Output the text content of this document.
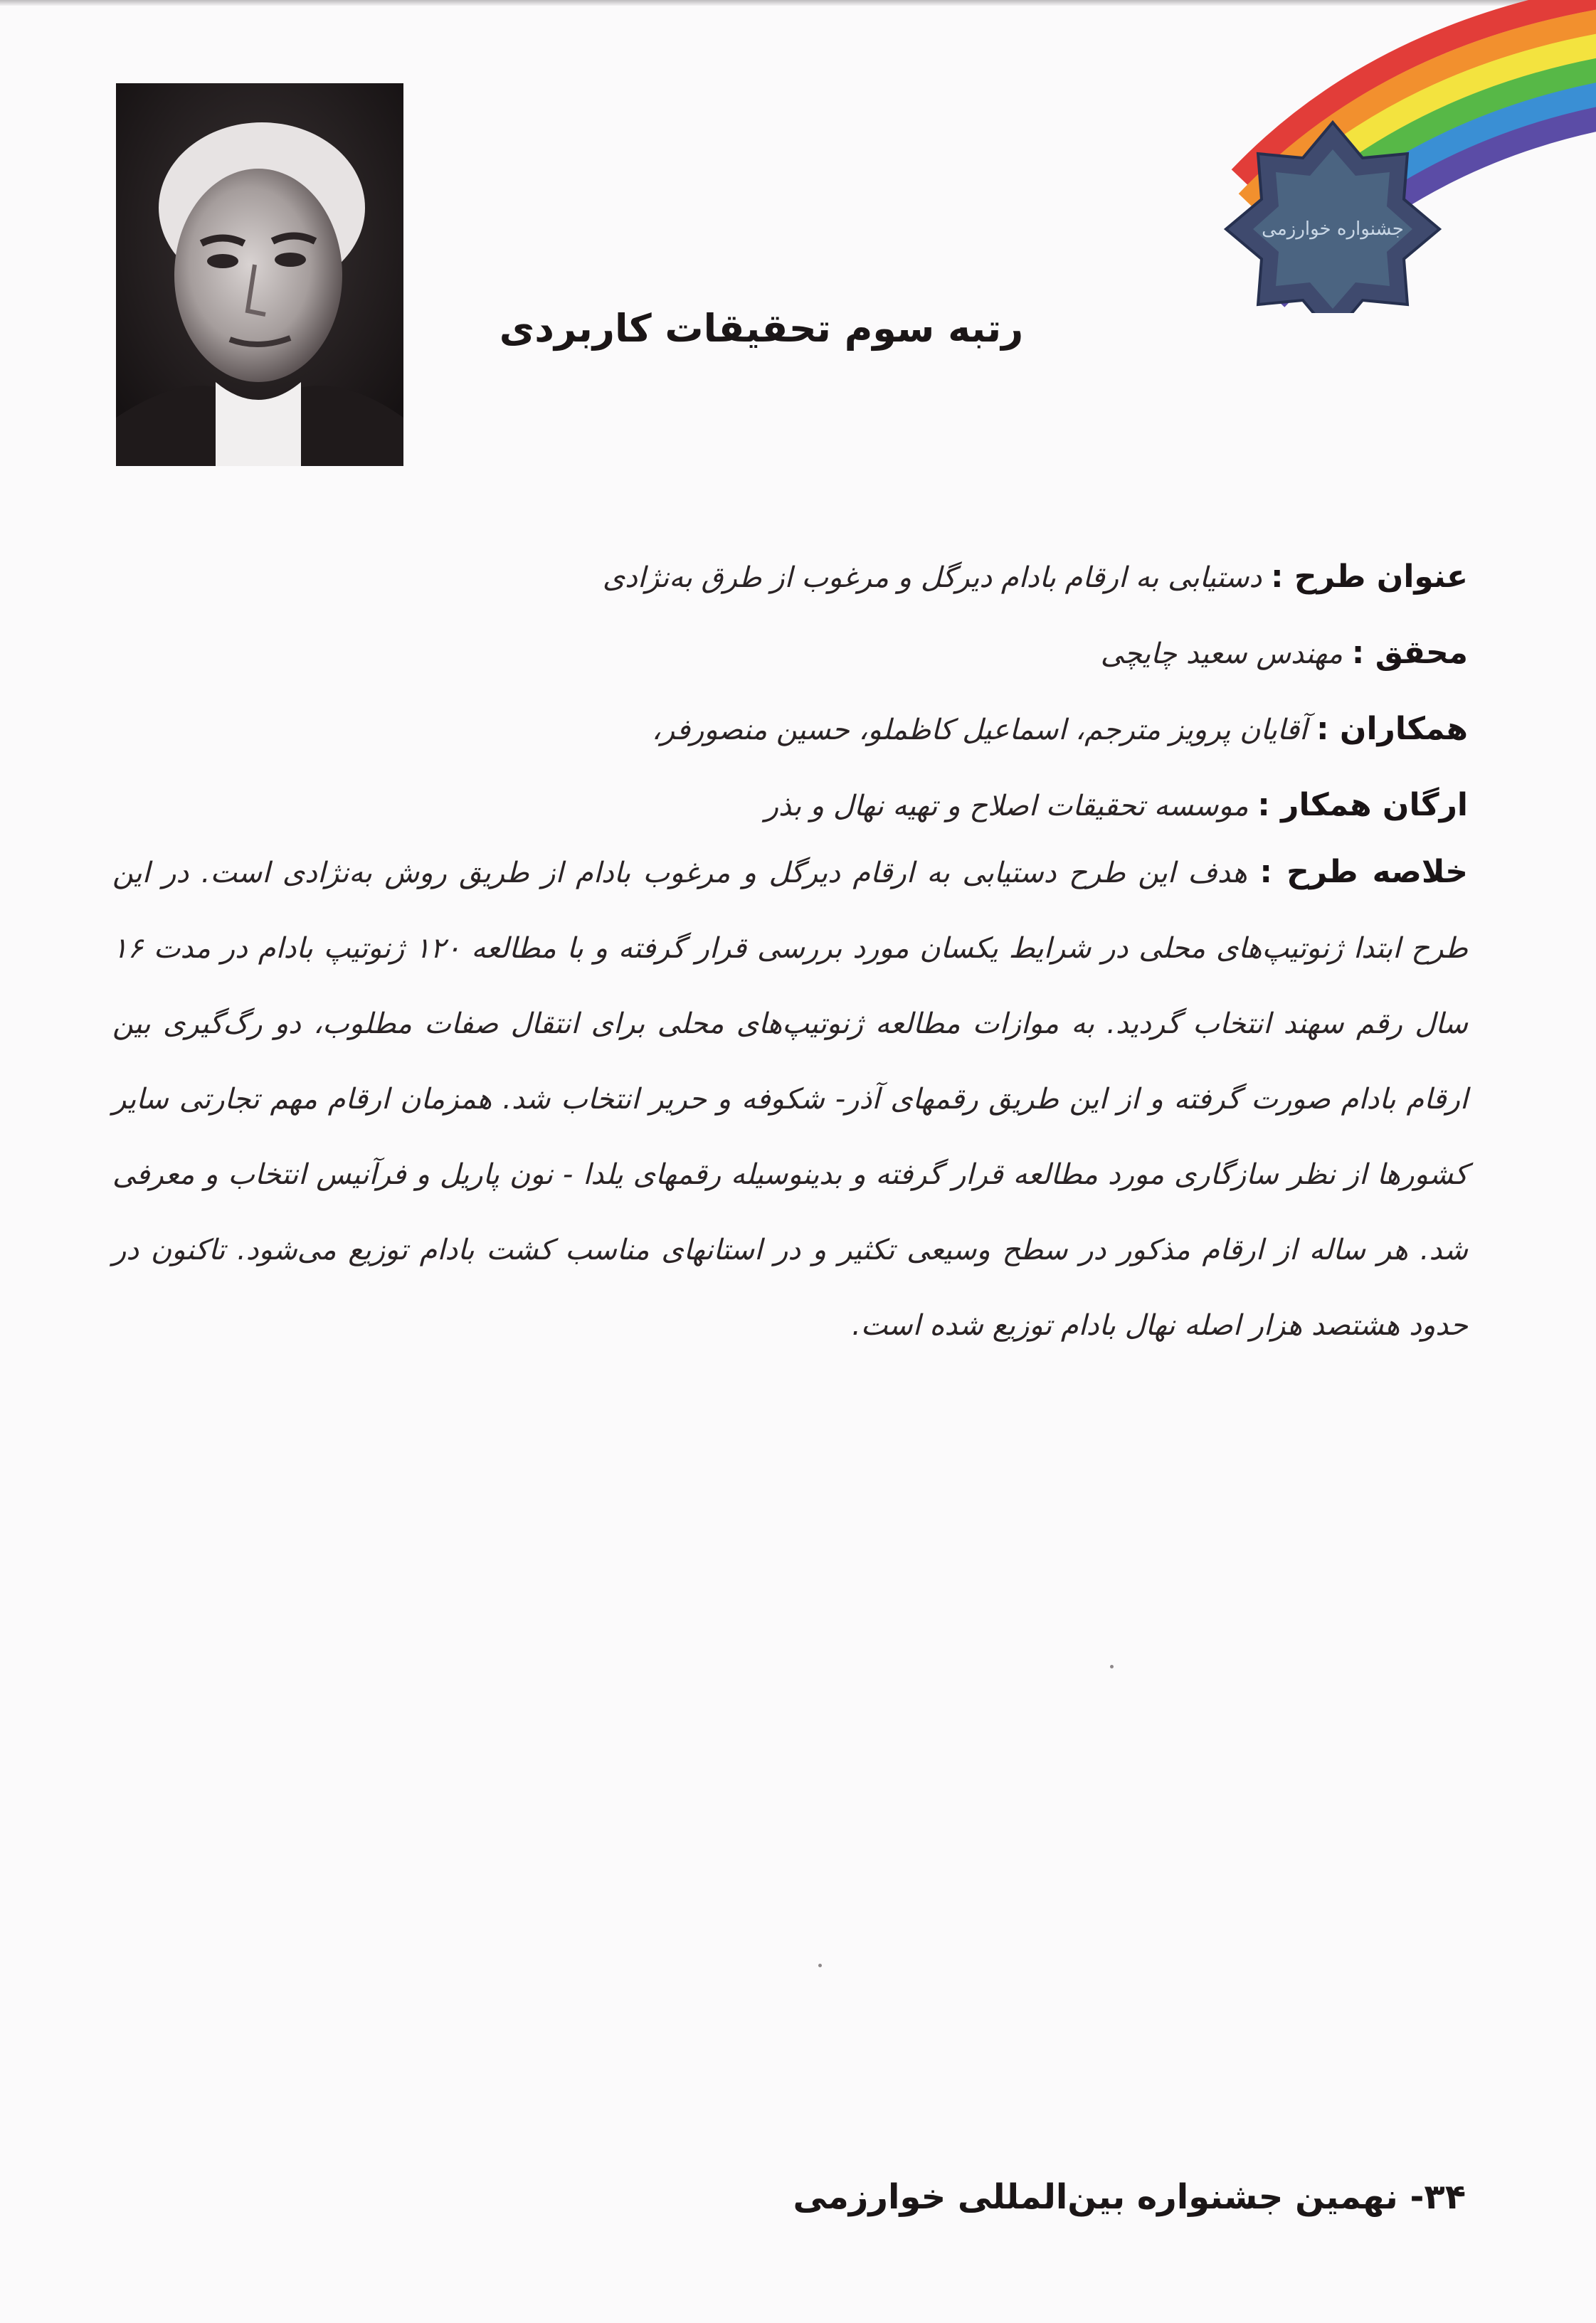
جشنواره خوارزمی
رتبه سوم تحقیقات کاربردی
عنوان طرح : دستیابی به ارقام بادام دیرگل و مرغوب از طرق به‌نژادی
محقق : مهندس سعید چایچی
همکاران : آقایان پرویز مترجم، اسماعیل کاظملو، حسین منصورفر،
ارگان همکار : موسسه تحقیقات اصلاح و تهیه نهال و بذر
خلاصه طرح : هدف این طرح دستیابی به ارقام دیرگل و مرغوب بادام از طریق روش به‌نژادی است. در این طرح ابتدا ژنوتیپ‌های محلی در شرایط یکسان مورد بررسی قرار گرفته و با مطالعه ۱۲۰ ژنوتیپ بادام در مدت ۱۶ سال رقم سهند انتخاب گردید. به موازات مطالعه ژنوتیپ‌های محلی برای انتقال صفات مطلوب، دو رگ‌گیری بین ارقام بادام صورت گرفته و از این طریق رقمهای آذر- شکوفه و حریر انتخاب شد. همزمان ارقام مهم تجارتی سایر کشورها از نظر سازگاری مورد مطالعه قرار گرفته و بدینوسیله رقمهای یلدا - نون پاریل و فرآنیس انتخاب و معرفی شد. هر ساله از ارقام مذکور در سطح وسیعی تکثیر و در استانهای مناسب کشت بادام توزیع می‌شود. تاکنون در حدود هشتصد هزار اصله نهال بادام توزیع شده است.
۳۴- نهمین جشنواره بین‌المللی خوارزمی
